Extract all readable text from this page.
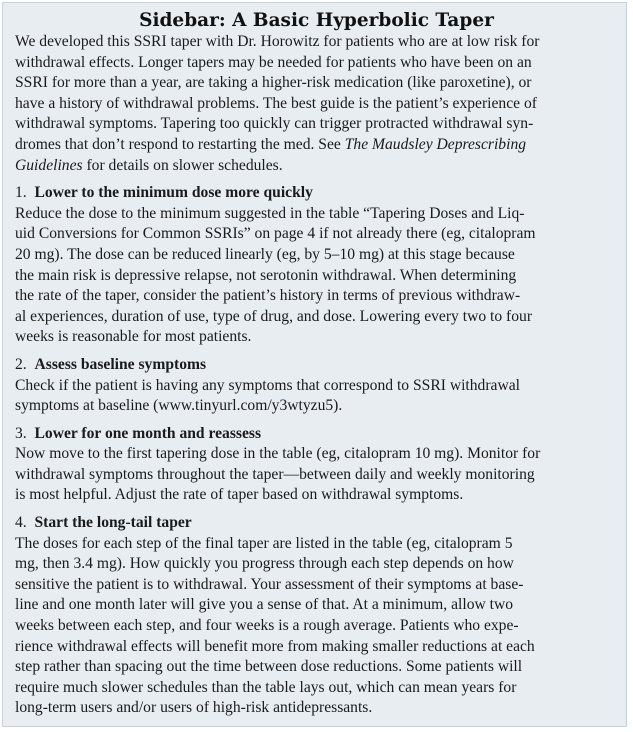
Sidebar: A Basic Hyperbolic Taper
We developed this SSRI taper with Dr. Horowitz for patients who are at low risk for
withdrawal effects. Longer tapers may be needed for patients who have been on an
SSRI for more than a year, are taking a higher-risk medication (like paroxetine), or
have a history of withdrawal problems. The best guide is the patient’s experience of
withdrawal symptoms. Tapering too quickly can trigger protracted withdrawal syn-
dromes that don’t respond to restarting the med. See The Maudsley Deprescribing
Guidelines for details on slower schedules.
1. Lower to the minimum dose more quickly
Reduce the dose to the minimum suggested in the table “Tapering Doses and Liq-
uid Conversions for Common SSRIs” on page 4 if not already there (eg, citalopram
20 mg). The dose can be reduced linearly (eg, by 5–10 mg) at this stage because
the main risk is depressive relapse, not serotonin withdrawal. When determining
the rate of the taper, consider the patient’s history in terms of previous withdraw-
al experiences, duration of use, type of drug, and dose. Lowering every two to four
weeks is reasonable for most patients.
2. Assess baseline symptoms
Check if the patient is having any symptoms that correspond to SSRI withdrawal
symptoms at baseline (www.tinyurl.com/y3wtyzu5).
3. Lower for one month and reassess
Now move to the first tapering dose in the table (eg, citalopram 10 mg). Monitor for
withdrawal symptoms throughout the taper—between daily and weekly monitoring
is most helpful. Adjust the rate of taper based on withdrawal symptoms.
4. Start the long-tail taper
The doses for each step of the final taper are listed in the table (eg, citalopram 5
mg, then 3.4 mg). How quickly you progress through each step depends on how
sensitive the patient is to withdrawal. Your assessment of their symptoms at base-
line and one month later will give you a sense of that. At a minimum, allow two
weeks between each step, and four weeks is a rough average. Patients who expe-
rience withdrawal effects will benefit more from making smaller reductions at each
step rather than spacing out the time between dose reductions. Some patients will
require much slower schedules than the table lays out, which can mean years for
long-term users and/or users of high-risk antidepressants.
